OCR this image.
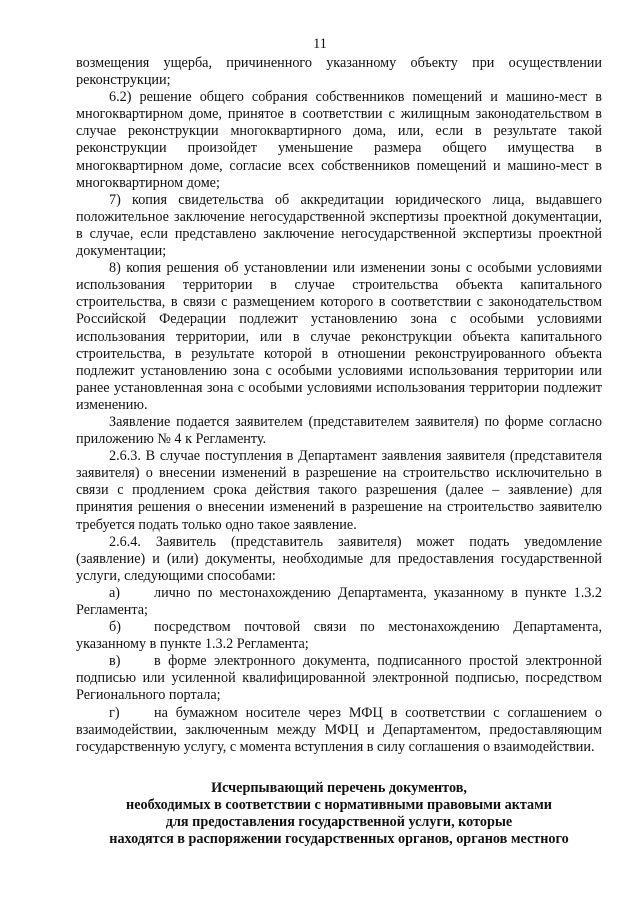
11

возмещения ущерба, причиненного указанному объекту при осуществлении реконструкции;

6.2) решение общего собрания собственников помещений и машино-мест в многоквартирном доме, принятое в соответствии с жилищным законодательством в случае реконструкции многоквартирного дома, или, если в результате такой реконструкции произойдет уменьшение размера общего имущества в многоквартирном доме, согласие всех собственников помещений и машино-мест в многоквартирном доме;

7) копия свидетельства об аккредитации юридического лица, выдавшего положительное заключение негосударственной экспертизы проектной документации, в случае, если представлено заключение негосударственной экспертизы проектной документации;

8) копия решения об установлении или изменении зоны с особыми условиями использования территории в случае строительства объекта капитального строительства, в связи с размещением которого в соответствии с законодательством Российской Федерации подлежит установлению зона с особыми условиями использования территории, или в случае реконструкции объекта капитального строительства, в результате которой в отношении реконструированного объекта подлежит установлению зона с особыми условиями использования территории или ранее установленная зона с особыми условиями использования территории подлежит изменению.

Заявление подается заявителем (представителем заявителя) по форме согласно приложению № 4 к Регламенту.

2.6.3. В случае поступления в Департамент заявления заявителя (представителя заявителя) о внесении изменений в разрешение на строительство исключительно в связи с продлением срока действия такого разрешения (далее – заявление) для принятия решения о внесении изменений в разрешение на строительство заявителю требуется подать только одно такое заявление.

2.6.4. Заявитель (представитель заявителя) может подать уведомление (заявление) и (или) документы, необходимые для предоставления государственной услуги, следующими способами:

а) лично по местонахождению Департамента, указанному в пункте 1.3.2 Регламента;

б) посредством почтовой связи по местонахождению Департамента, указанному в пункте 1.3.2 Регламента;

в) в форме электронного документа, подписанного простой электронной подписью или усиленной квалифицированной электронной подписью, посредством Регионального портала;

г) на бумажном носителе через МФЦ в соответствии с соглашением о взаимодействии, заключенным между МФЦ и Департаментом, предоставляющим государственную услугу, с момента вступления в силу соглашения о взаимодействии.

Исчерпывающий перечень документов,
необходимых в соответствии с нормативными правовыми актами
для предоставления государственной услуги, которые
находятся в распоряжении государственных органов, органов местного
